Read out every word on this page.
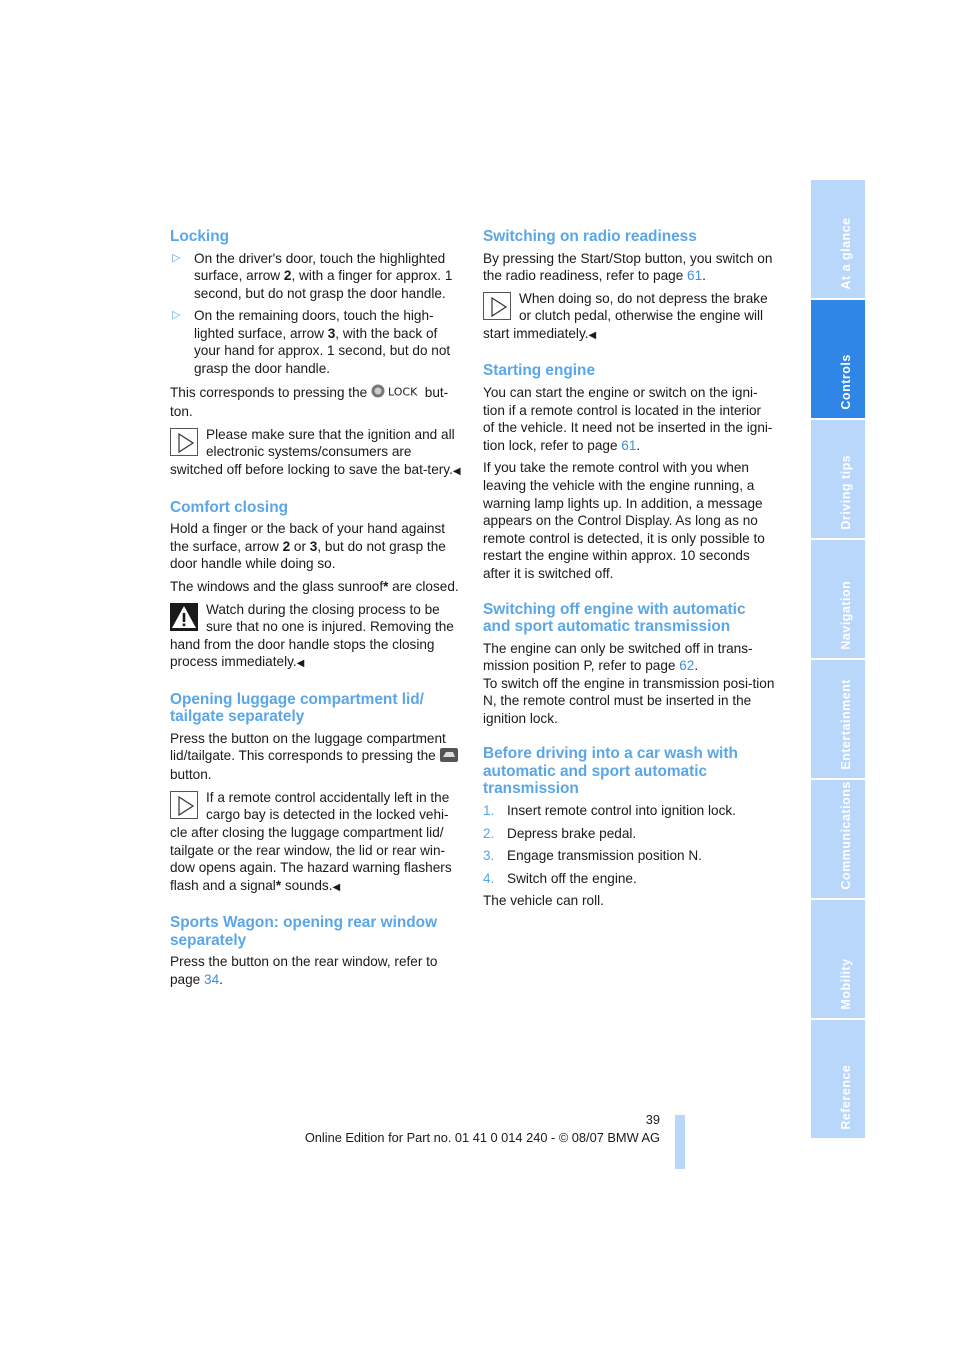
Locking
▷ On the driver's door, touch the highlighted surface, arrow 2, with a finger for approx. 1 second, but do not grasp the door handle.
▷ On the remaining doors, touch the high-lighted surface, arrow 3, with the back of your hand for approx. 1 second, but do not grasp the door handle.

This corresponds to pressing the LOCK but-ton.

Please make sure that the ignition and all electronic systems/consumers are switched off before locking to save the bat-tery.◀
Comfort closing

Hold a finger or the back of your hand against the surface, arrow 2 or 3, but do not grasp the door handle while doing so.

The windows and the glass sunroof* are closed.

Watch during the closing process to be sure that no one is injured. Removing the hand from the door handle stops the closing process immediately.◀
Opening luggage compartment lid/ tailgate separately

Press the button on the luggage compartment lid/tailgate. This corresponds to pressing the button.

If a remote control accidentally left in the cargo bay is detected in the locked vehi-cle after closing the luggage compartment lid/ tailgate or the rear window, the lid or rear win-dow opens again. The hazard warning flashers flash and a signal* sounds.◀
Sports Wagon: opening rear window separately

Press the button on the rear window, refer to page 34.

Switching on radio readiness

By pressing the Start/Stop button, you switch on the radio readiness, refer to page 61.

When doing so, do not depress the brake or clutch pedal, otherwise the engine will start immediately.◀
Starting engine

You can start the engine or switch on the igni-tion if a remote control is located in the interior of the vehicle. It need not be inserted in the igni-tion lock, refer to page 61.

If you take the remote control with you when leaving the vehicle with the engine running, a warning lamp lights up. In addition, a message appears on the Control Display. As long as no remote control is detected, it is only possible to restart the engine within approx. 10 seconds after it is switched off.

Switching off engine with automatic and sport automatic transmission

The engine can only be switched off in trans-mission position P, refer to page 62.

To switch off the engine in transmission posi-tion N, the remote control must be inserted in the ignition lock.

Before driving into a car wash with automatic and sport automatic transmission
1. Insert remote control into ignition lock.
2. Depress brake pedal.
3. Engage transmission position N.
4. Switch off the engine.

The vehicle can roll.

At a glance
Controls
Driving tips
Navigation
Entertainment
Communications
Mobility
Reference
39
Online Edition for Part no. 01 41 0 014 240 - © 08/07 BMW AG
